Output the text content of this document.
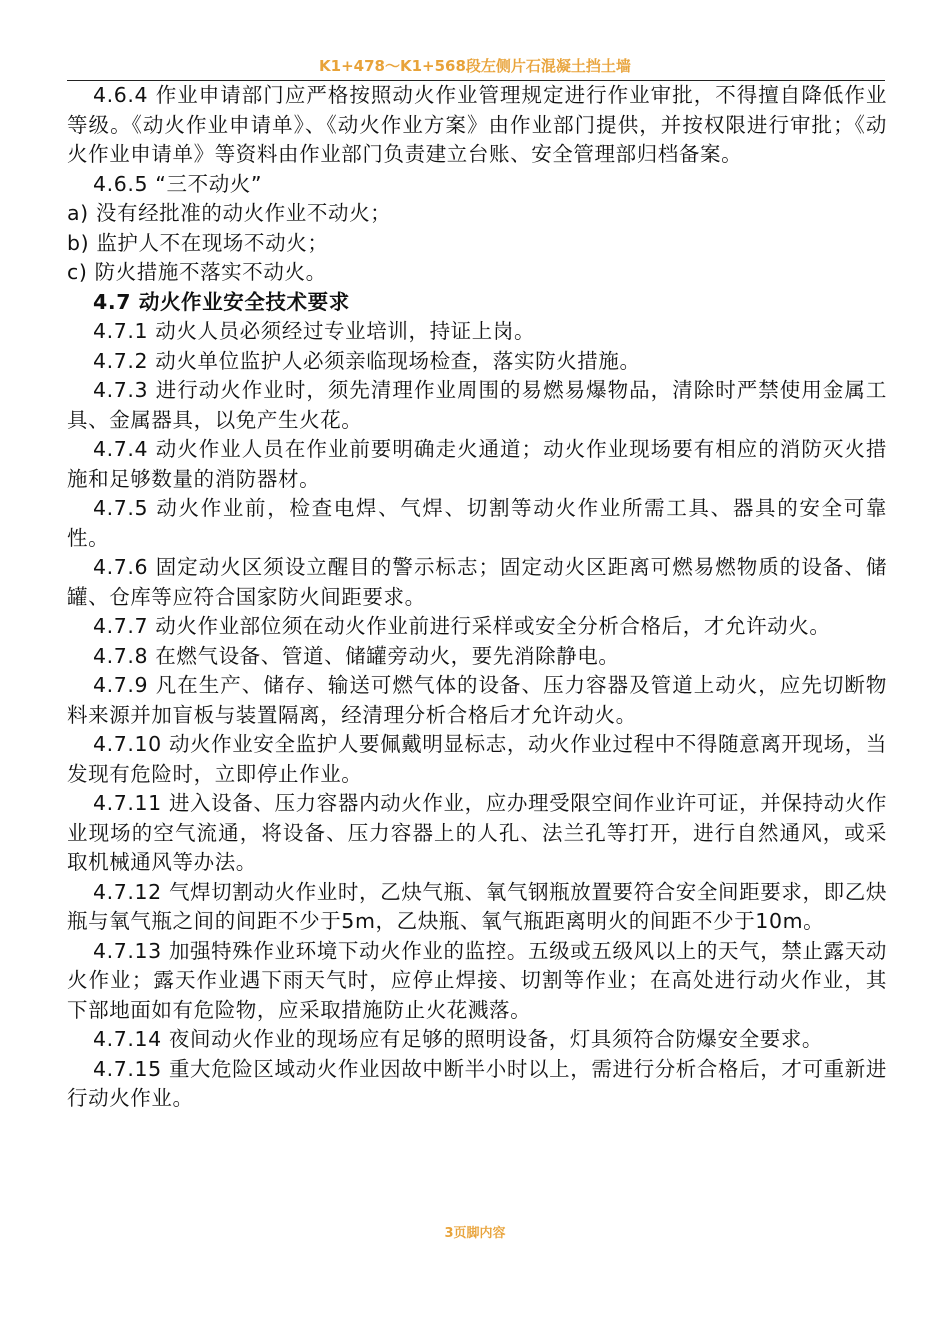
K1+478～K1+568段左侧片石混凝土挡土墙

4.6.4 作业申请部门应严格按照动火作业管理规定进行作业审批，不得擅自降低作业等级。《动火作业申请单》、《动火作业方案》由作业部门提供，并按权限进行审批；《动火作业申请单》等资料由作业部门负责建立台账、安全管理部归档备案。

4.6.5 “三不动火”

a) 没有经批准的动火作业不动火；

b) 监护人不在现场不动火；

c) 防火措施不落实不动火。

4.7 动火作业安全技术要求

4.7.1 动火人员必须经过专业培训，持证上岗。

4.7.2 动火单位监护人必须亲临现场检查，落实防火措施。

4.7.3 进行动火作业时，须先清理作业周围的易燃易爆物品，清除时严禁使用金属工具、金属器具，以免产生火花。

4.7.4 动火作业人员在作业前要明确走火通道；动火作业现场要有相应的消防灭火措施和足够数量的消防器材。

4.7.5 动火作业前，检查电焊、气焊、切割等动火作业所需工具、器具的安全可靠性。

4.7.6 固定动火区须设立醒目的警示标志；固定动火区距离可燃易燃物质的设备、储罐、仓库等应符合国家防火间距要求。

4.7.7 动火作业部位须在动火作业前进行采样或安全分析合格后，才允许动火。

4.7.8 在燃气设备、管道、储罐旁动火，要先消除静电。

4.7.9 凡在生产、储存、输送可燃气体的设备、压力容器及管道上动火，应先切断物料来源并加盲板与装置隔离，经清理分析合格后才允许动火。

4.7.10 动火作业安全监护人要佩戴明显标志，动火作业过程中不得随意离开现场，当发现有危险时，立即停止作业。

4.7.11 进入设备、压力容器内动火作业，应办理受限空间作业许可证，并保持动火作业现场的空气流通，将设备、压力容器上的人孔、法兰孔等打开，进行自然通风，或采取机械通风等办法。

4.7.12 气焊切割动火作业时，乙炔气瓶、氧气钢瓶放置要符合安全间距要求，即乙炔瓶与氧气瓶之间的间距不少于5m，乙炔瓶、氧气瓶距离明火的间距不少于10m。

4.7.13 加强特殊作业环境下动火作业的监控。五级或五级风以上的天气，禁止露天动火作业；露天作业遇下雨天气时，应停止焊接、切割等作业；在高处进行动火作业，其下部地面如有危险物，应采取措施防止火花溅落。

4.7.14 夜间动火作业的现场应有足够的照明设备，灯具须符合防爆安全要求。

4.7.15 重大危险区域动火作业因故中断半小时以上，需进行分析合格后，才可重新进行动火作业。

3页脚内容
